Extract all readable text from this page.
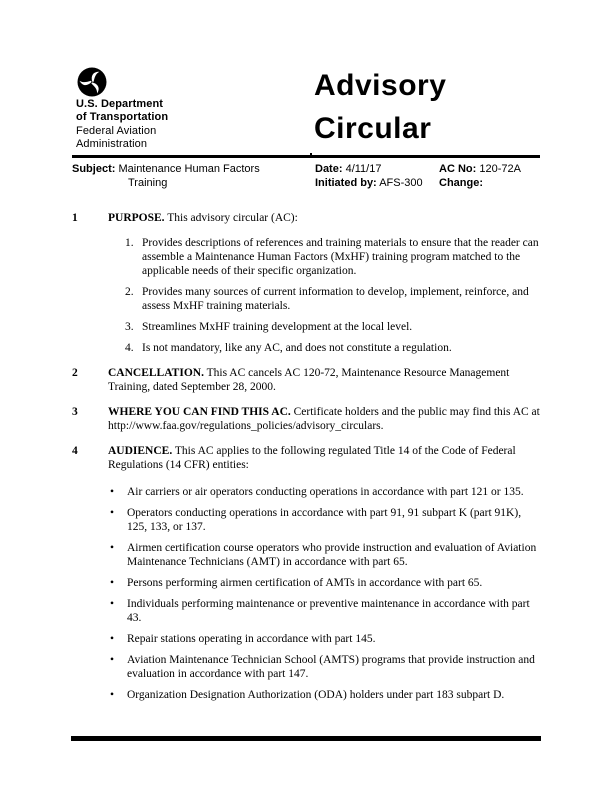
U.S. Department
of Transportation
Federal Aviation
Administration
Advisory
Circular
Subject: Maintenance Human Factors
Training
Date: 4/11/17
Initiated by: AFS-300
AC No: 120-72A
Change:
1	PURPOSE. This advisory circular (AC):
1. Provides descriptions of references and training materials to ensure that the reader can assemble a Maintenance Human Factors (MxHF) training program matched to the applicable needs of their specific organization.
2. Provides many sources of current information to develop, implement, reinforce, and assess MxHF training materials.
3. Streamlines MxHF training development at the local level.
4. Is not mandatory, like any AC, and does not constitute a regulation.
2	CANCELLATION. This AC cancels AC 120-72, Maintenance Resource Management Training, dated September 28, 2000.
3	WHERE YOU CAN FIND THIS AC. Certificate holders and the public may find this AC at http://www.faa.gov/regulations_policies/advisory_circulars.
4	AUDIENCE. This AC applies to the following regulated Title 14 of the Code of Federal Regulations (14 CFR) entities:
•	Air carriers or air operators conducting operations in accordance with part 121 or 135.
•	Operators conducting operations in accordance with part 91, 91 subpart K (part 91K), 125, 133, or 137.
•	Airmen certification course operators who provide instruction and evaluation of Aviation Maintenance Technicians (AMT) in accordance with part 65.
•	Persons performing airmen certification of AMTs in accordance with part 65.
•	Individuals performing maintenance or preventive maintenance in accordance with part 43.
•	Repair stations operating in accordance with part 145.
•	Aviation Maintenance Technician School (AMTS) programs that provide instruction and evaluation in accordance with part 147.
•	Organization Designation Authorization (ODA) holders under part 183 subpart D.
